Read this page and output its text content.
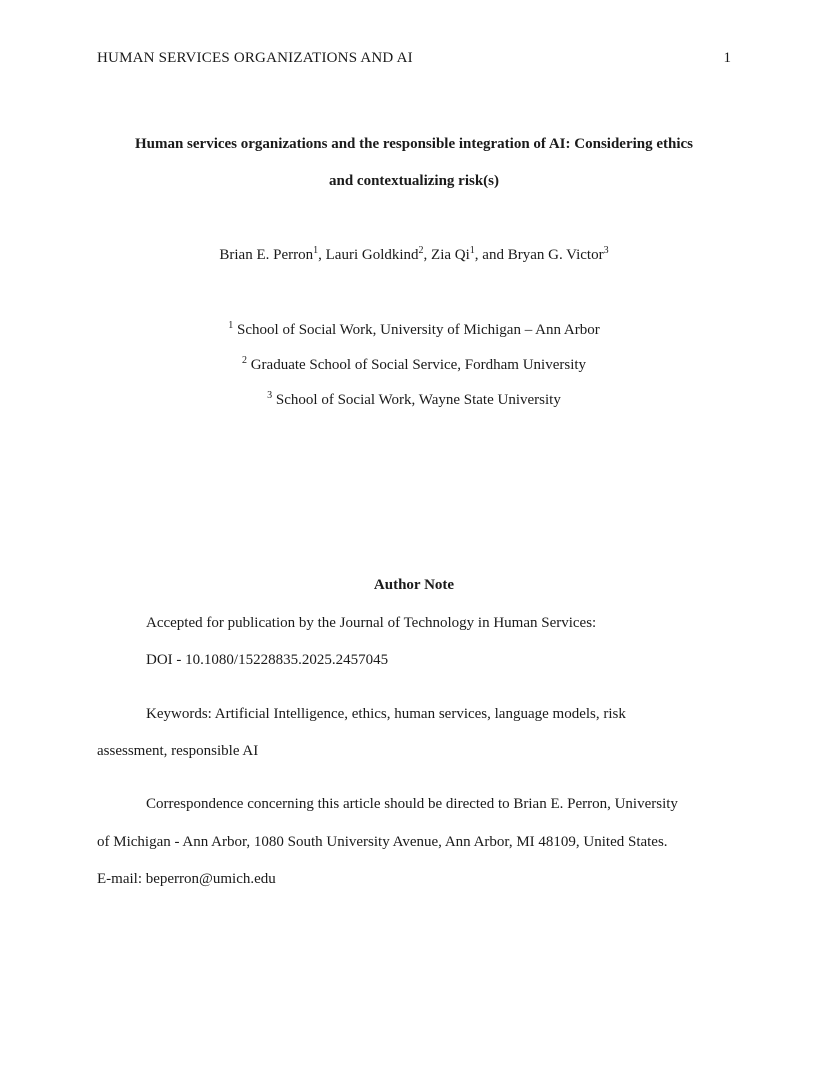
HUMAN SERVICES ORGANIZATIONS AND AI	1
Human services organizations and the responsible integration of AI: Considering ethics
and contextualizing risk(s)
Brian E. Perron$^1$, Lauri Goldkind$^2$, Zia Qi$^1$, and Bryan G. Victor$^3$
$^1$ School of Social Work, University of Michigan – Ann Arbor
$^2$ Graduate School of Social Service, Fordham University
$^3$ School of Social Work, Wayne State University
Author Note
Accepted for publication by the Journal of Technology in Human Services:
DOI - 10.1080/15228835.2025.2457045
Keywords: Artificial Intelligence, ethics, human services, language models, risk
assessment, responsible AI
Correspondence concerning this article should be directed to Brian E. Perron, University
of Michigan - Ann Arbor, 1080 South University Avenue, Ann Arbor, MI 48109, United States.
E-mail: beperron@umich.edu
